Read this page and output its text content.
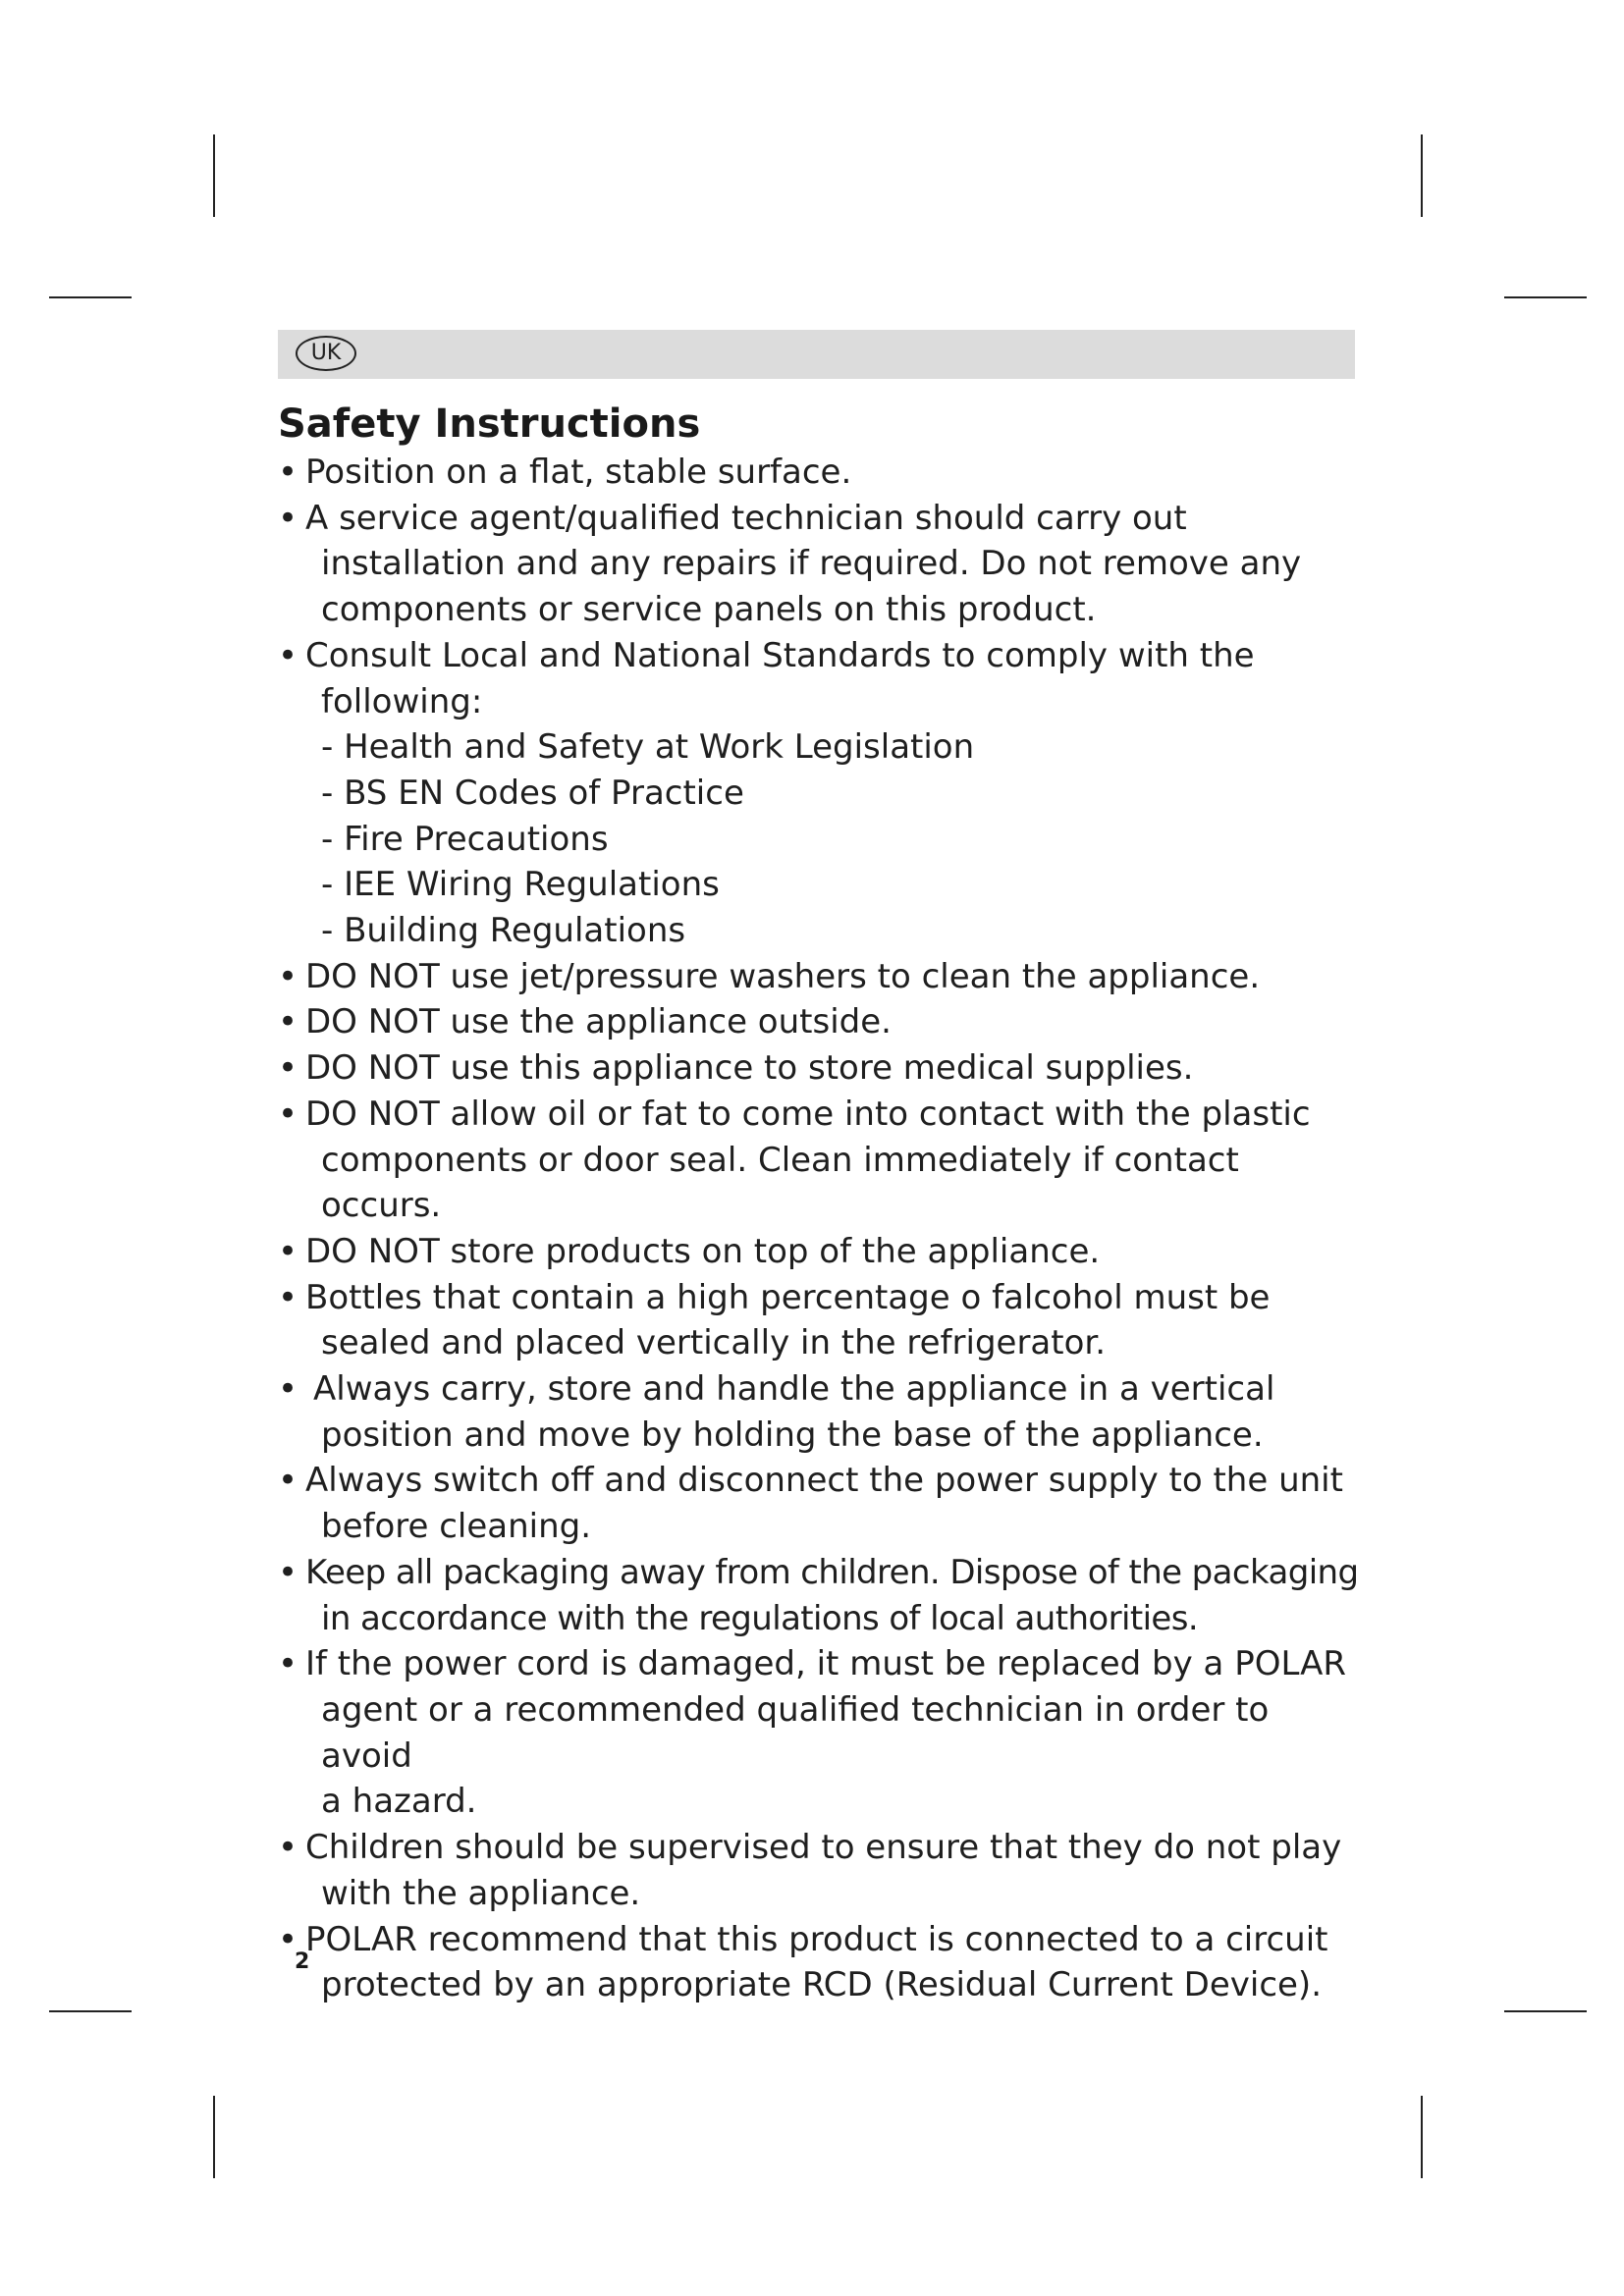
UK
Safety Instructions
• Position on a flat, stable surface.
• A service agent/qualified technician should carry out
installation and any repairs if required. Do not remove any
components or service panels on this product.
• Consult Local and National Standards to comply with the
following:
- Health and Safety at Work Legislation
- BS EN Codes of Practice
- Fire Precautions
- IEE Wiring Regulations
- Building Regulations
• DO NOT use jet/pressure washers to clean the appliance.
• DO NOT use the appliance outside.
• DO NOT use this appliance to store medical supplies.
• DO NOT allow oil or fat to come into contact with the plastic
components or door seal. Clean immediately if contact occurs.
• DO NOT store products on top of the appliance.
• Bottles that contain a high percentage o falcohol must be
sealed and placed vertically in the refrigerator.
• Always carry, store and handle the appliance in a vertical
position and move by holding the base of the appliance.
• Always switch off and disconnect the power supply to the unit
before cleaning.
• Keep all packaging away from children. Dispose of the packaging
in accordance with the regulations of local authorities.
• If the power cord is damaged, it must be replaced by a POLAR
agent or a recommended qualified technician in order to avoid
a hazard.
• Children should be supervised to ensure that they do not play
with the appliance.
• POLAR recommend that this product is connected to a circuit
protected by an appropriate RCD (Residual Current Device).
2
